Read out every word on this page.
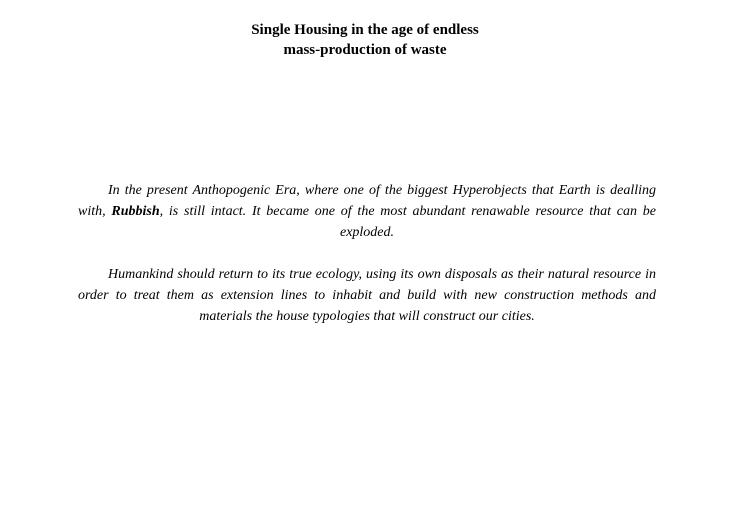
Single Housing in the age of endless
mass-production of waste

In the present Anthopogenic Era, where one of the biggest Hyperobjects that Earth is dealling with, Rubbish, is still intact. It became one of the most abundant renawable resource that can be exploded.

Humankind should return to its true ecology, using its own disposals as their natural resource in order to treat them as extension lines to inhabit and build with new construction methods and materials the house typologies that will construct our cities.
